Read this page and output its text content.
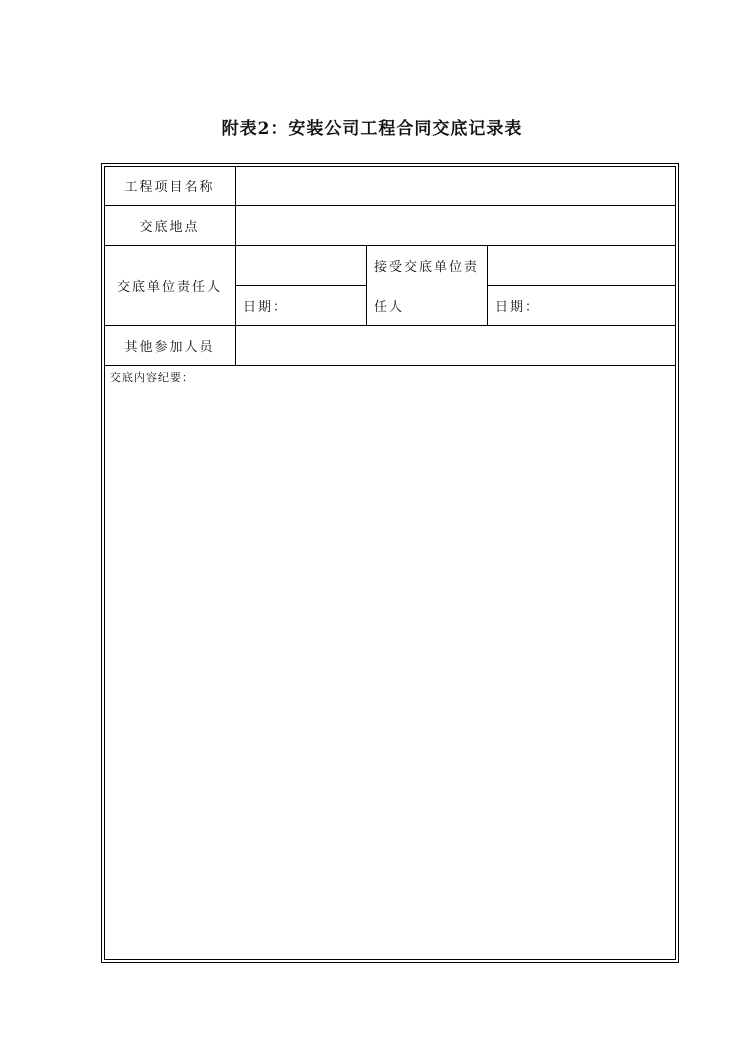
附表2：安装公司工程合同交底记录表
工程项目名称
交底地点
交底单位责任人
接受交底单位责
任人
日期：	日期：
其他参加人员
交底内容纪要：
